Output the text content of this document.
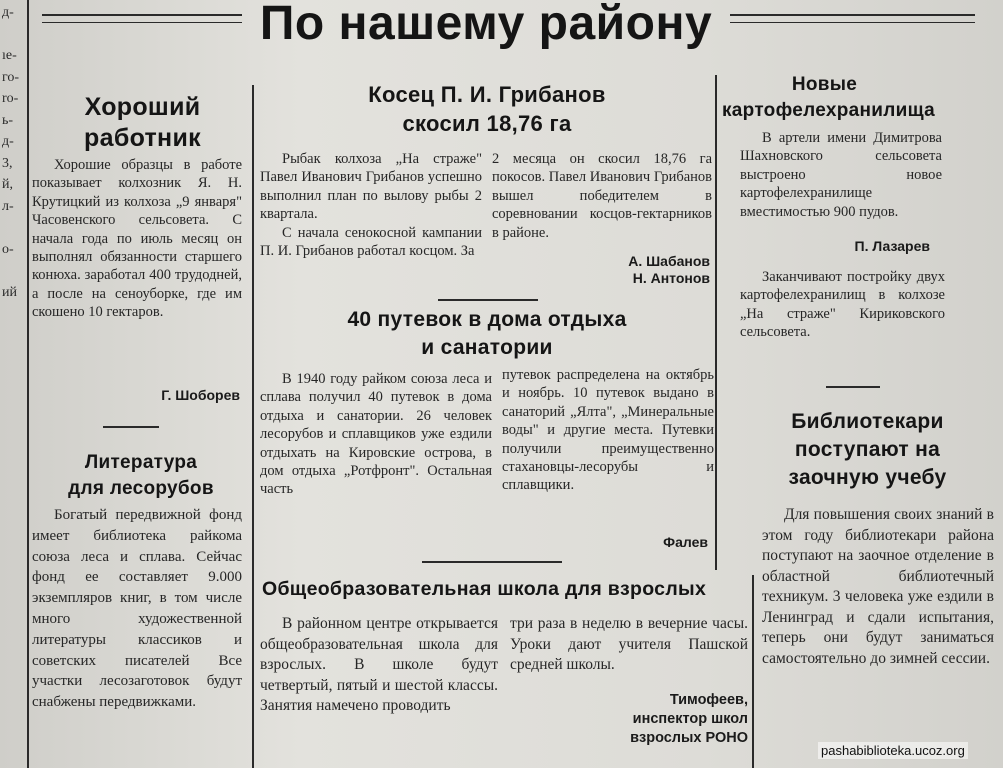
д-
ıe-
го-
ro-
ь-
д-
3,
й,
л-
о-
ий
По нашему району
Хороший
работник

Хорошие образцы в работе показывает колхозник Я. Н. Крутицкий из колхоза „9 января" Часовенского сельсовета. С начала года по июль месяц он выполнял обязанности старшего конюха. заработал 400 трудодней, а после на сеноуборке, где им скошено 10 гектаров.

Г. Шоборев
Литература
для лесорубов

Богатый передвижной фонд имеет библиотека райкома союза леса и сплава. Сейчас фонд ее составляет 9.000 экземпляров книг, в том числе много художественной литературы классиков и советских писателей Все участки лесозаготовок будут снабжены передвижками.

Косец П. И. Грибанов
скосил 18,76 га

Рыбак колхоза „На страже" Павел Иванович Грибанов успешно выполнил план по вылову рыбы 2 квартала.

С начала сенокосной кампании П. И. Грибанов работал косцом. За

2 месяца он скосил 18,76 га покосов. Павел Иванович Грибанов вышел победителем в соревновании косцов-гектарников в районе.

А. Шабанов
Н. Антонов
40 путевок в дома отдыха
и санатории

В 1940 году райком союза леса и сплава получил 40 путевок в дома отдыха и санатории. 26 человек лесорубов и сплавщиков уже ездили отдыхать на Кировские острова, в дом отдыха „Ротфронт". Остальная часть

путевок распределена на октябрь и ноябрь. 10 путевок выдано в санаторий „Ялта", „Минеральные воды" и другие места. Путевки получили преимущественно стахановцы-лесорубы и сплавщики.

Фалев
Общеобразовательная школа для взрослых

В районном центре открывается общеобразовательная школа для взрослых. В школе будут четвертый, пятый и шестой классы. Занятия намечено проводить

три раза в неделю в вечерние часы. Уроки дают учителя Пашской средней школы.

Тимофеев,
инспектор школ
взрослых РОНО
Новые
картофелехранилища

В артели имени Димитрова Шахновского сельсовета выстроено новое картофелехранилище вместимостью 900 пудов.

П. Лазарев

Заканчивают постройку двух картофелехранилищ в колхозе „На страже" Кириковского сельсовета.

Библиотекари
поступают на
заочную учебу

Для повышения своих знаний в этом году библиотекари района поступают на заочное отделение в областной библиотечный техникум. 3 человека уже ездили в Ленинград и сдали испытания, теперь они будут заниматься самостоятельно до зимней сессии.

pashabiblioteka.ucoz.org
